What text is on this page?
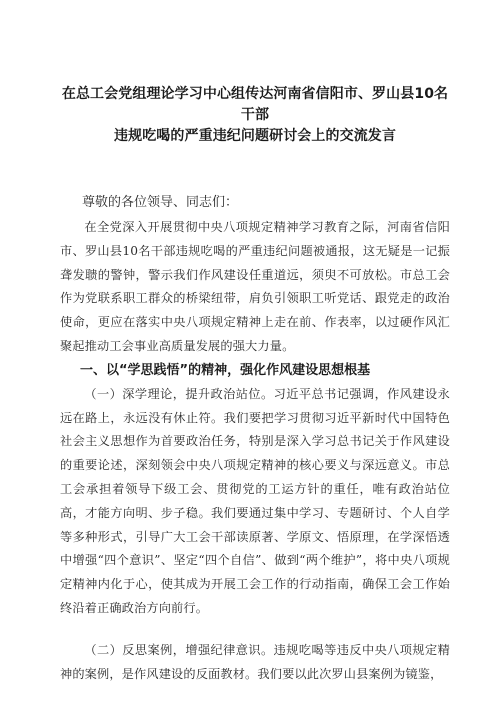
在总工会党组理论学习中心组传达河南省信阳市、罗山县10名干部
违规吃喝的严重违纪问题研讨会上的交流发言

尊敬的各位领导、同志们：

在全党深入开展贯彻中央八项规定精神学习教育之际，河南省信阳市、罗山县10名干部违规吃喝的严重违纪问题被通报，这无疑是一记振聋发聩的警钟，警示我们作风建设任重道远，须臾不可放松。市总工会作为党联系职工群众的桥梁纽带，肩负引领职工听党话、跟党走的政治使命，更应在落实中央八项规定精神上走在前、作表率，以过硬作风汇聚起推动工会事业高质量发展的强大力量。

一、以“学思践悟”的精神，强化作风建设思想根基

（一）深学理论，提升政治站位。习近平总书记强调，作风建设永远在路上，永远没有休止符。我们要把学习贯彻习近平新时代中国特色社会主义思想作为首要政治任务，特别是深入学习总书记关于作风建设的重要论述，深刻领会中央八项规定精神的核心要义与深远意义。市总工会承担着领导下级工会、贯彻党的工运方针的重任，唯有政治站位高，才能方向明、步子稳。我们要通过集中学习、专题研讨、个人自学等多种形式，引导广大工会干部读原著、学原文、悟原理，在学深悟透中增强“四个意识”、坚定“四个自信”、做到“两个维护”，将中央八项规定精神内化于心，使其成为开展工会工作的行动指南，确保工会工作始终沿着正确政治方向前行。

（二）反思案例，增强纪律意识。违规吃喝等违反中央八项规定精神的案例，是作风建设的反面教材。我们要以此次罗山县案例为镜鉴，
